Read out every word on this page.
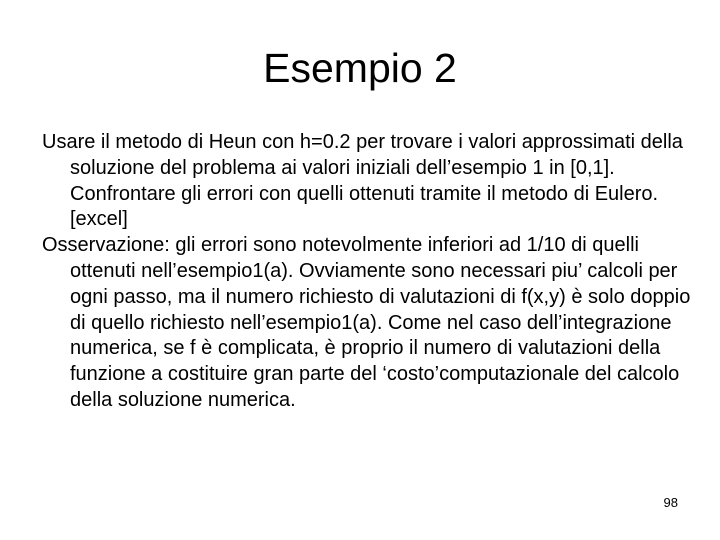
Esempio 2

Usare il metodo di Heun con h=0.2 per trovare i valori approssimati della soluzione del problema ai valori iniziali dell’esempio 1 in [0,1]. Confrontare gli errori con quelli ottenuti tramite il metodo di Eulero. [excel]

Osservazione: gli errori sono notevolmente inferiori ad 1/10 di quelli ottenuti nell’esempio1(a). Ovviamente sono necessari piu’ calcoli per ogni passo, ma il numero richiesto di valutazioni di f(x,y) è solo doppio di quello richiesto nell’esempio1(a). Come nel caso dell’integrazione numerica, se f è complicata, è proprio il numero di valutazioni della funzione a costituire gran parte del ‘costo’computazionale del calcolo della soluzione numerica.

98
